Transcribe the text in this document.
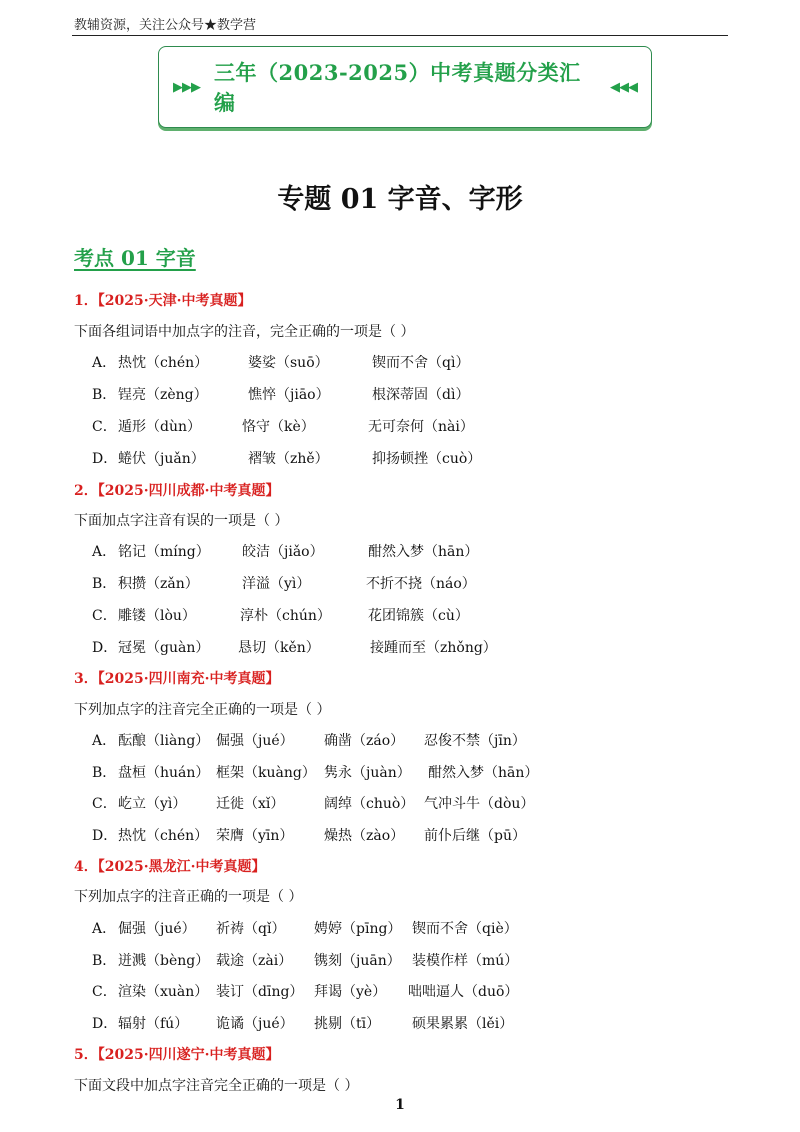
教辅资源，关注公众号★教学营
▶▶▶
三年（2023-2025）中考真题分类汇编
◀◀◀
专题 01 字音、字形
考点 01 字音
1．【2025·天津·中考真题】
下面各组词语中加点字的注音，完全正确的一项是（ ）
A． 热忱（chén）	婆娑（suō）	锲而不舍（qì）
B． 锃亮（zèng）	憔悴（jiāo）	根深蒂固（dì）
C． 遁形（dùn）	恪守（kè）	无可奈何（nài）
D． 蜷伏（juǎn）	褶皱（zhě）	抑扬顿挫（cuò）
2．【2025·四川成都·中考真题】
下面加点字注音有误的一项是（ ）
A． 铭记（míng） 皎洁（jiǎo）	酣然入梦（hān）
B． 积攒（zǎn）	洋溢（yì）	不折不挠（náo）
C． 雕镂（lòu）	淳朴（chún）	花团锦簇（cù）
D． 冠冕（guàn） 恳切（kěn）	接踵而至（zhǒng）
3．【2025·四川南充·中考真题】
下列加点字的注音完全正确的一项是（ ）
A． 酝酿（liàng） 倔强（jué） 确凿（záo） 忍俊不禁（jīn）
B． 盘桓（huán） 框架（kuàng） 隽永（juàn） 酣然入梦（hān）
C． 屹立（yì） 迁徙（xǐ）	阔绰（chuò） 气冲斗牛（dòu）
D． 热忱（chén） 荣膺（yīn） 燥热（zào） 前仆后继（pū）
4．【2025·黑龙江·中考真题】
下列加点字的注音正确的一项是（ ）
A． 倔强（jué） 祈祷（qǐ） 娉婷（pīng） 锲而不舍（qiè）
B． 迸溅（bèng） 载途（zài） 镌刻（juān） 装模作样（mú）
C． 渲染（xuàn） 装订（dīng） 拜谒（yè） 咄咄逼人（duō）
D． 辐射（fú） 诡谲（jué） 挑剔（tī） 硕果累累（lěi）
5．【2025·四川遂宁·中考真题】
下面文段中加点字注音完全正确的一项是（ ）
1
